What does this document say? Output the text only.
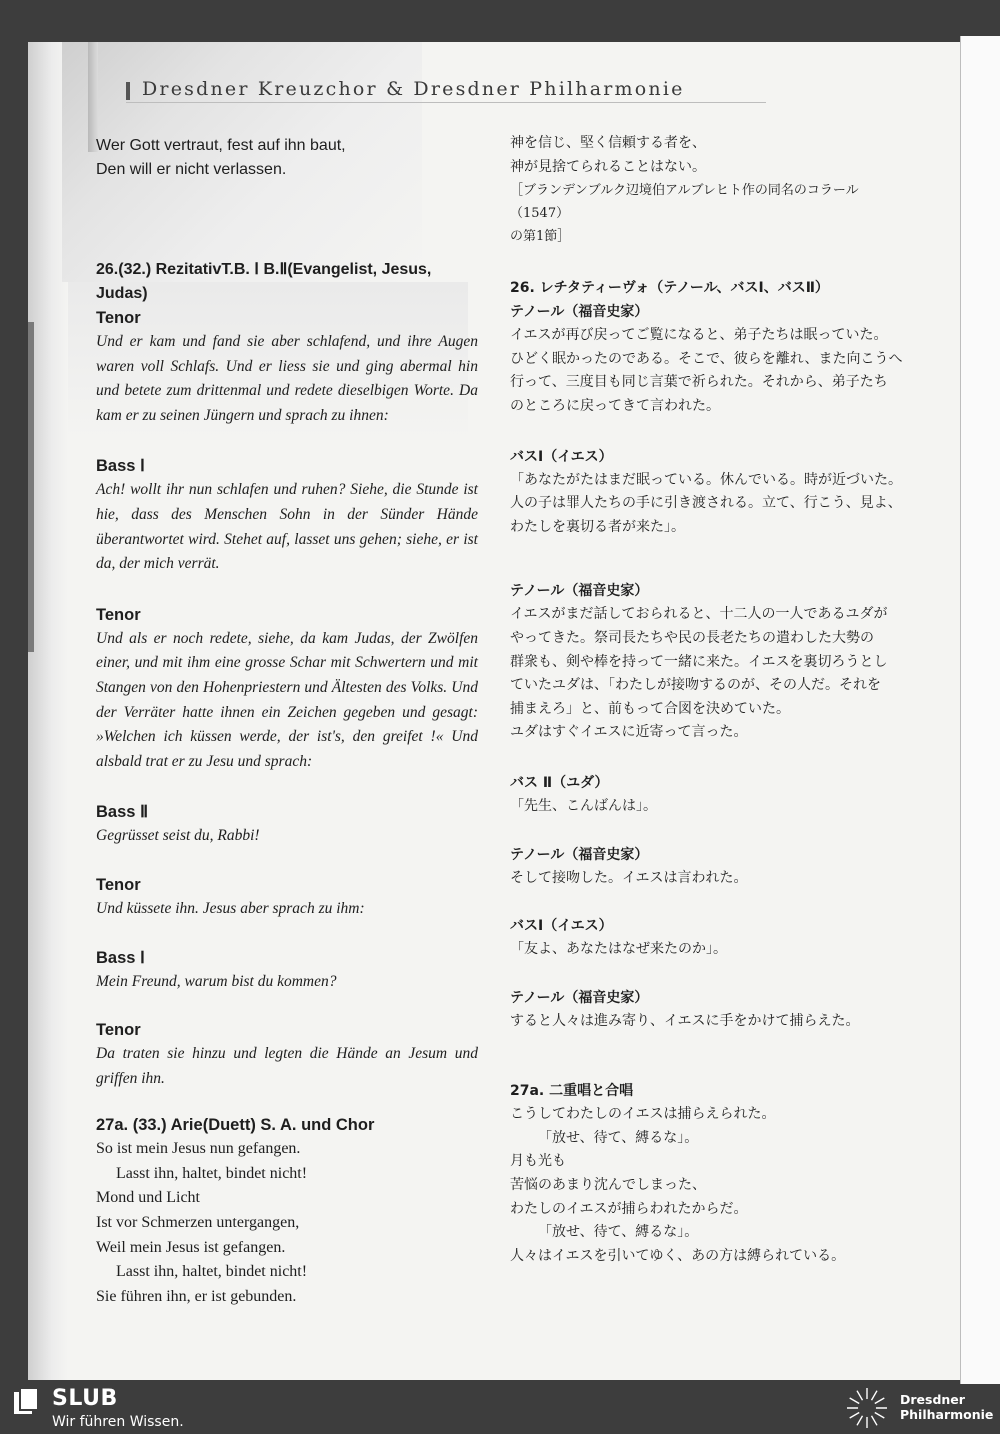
Dresdner Kreuzchor & Dresdner Philharmonie
Wer Gott vertraut, fest auf ihn baut,
Den will er nicht verlassen.
26.(32.) RezitativT.B. Ⅰ B.Ⅱ(Evangelist, Jesus, Judas)
Tenor

Und er kam und fand sie aber schlafend, und ihre Augen waren voll Schlafs. Und er liess sie und ging abermal hin und betete zum drittenmal und redete dieselbigen Worte. Da kam er zu seinen Jüngern und sprach zu ihnen:

Bass Ⅰ

Ach! wollt ihr nun schlafen und ruhen? Siehe, die Stunde ist hie, dass des Menschen Sohn in der Sünder Hände überantwortet wird. Stehet auf, lasset uns gehen; siehe, er ist da, der mich verrät.

Tenor

Und als er noch redete, siehe, da kam Judas, der Zwölfen einer, und mit ihm eine grosse Schar mit Schwertern und mit Stangen von den Hohenpriestern und Ältesten des Volks. Und der Verräter hatte ihnen ein Zeichen gegeben und gesagt: »Welchen ich küssen werde, der ist's, den greifet !« Und alsbald trat er zu Jesu und sprach:

Bass Ⅱ

Gegrüsset seist du, Rabbi!

Tenor

Und küssete ihn. Jesus aber sprach zu ihm:

Bass Ⅰ

Mein Freund, warum bist du kommen?

Tenor

Da traten sie hinzu und legten die Hände an Jesum und griffen ihn.

27a. (33.) Arie(Duett) S. A. und Chor
So ist mein Jesus nun gefangen.
Lasst ihn, haltet, bindet nicht!
Mond und Licht
Ist vor Schmerzen untergangen,
Weil mein Jesus ist gefangen.
Lasst ihn, haltet, bindet nicht!
Sie führen ihn, er ist gebunden.
神を信じ、堅く信頼する者を、
神が見捨てられることはない。
［ブランデンブルク辺境伯アルブレヒト作の同名のコラール（1547）
の第1節］
26. レチタティーヴォ（テノール、バスⅠ、バスⅡ）
テノール（福音史家）
イエスが再び戻ってご覧になると、弟子たちは眠っていた。
ひどく眠かったのである。そこで、彼らを離れ、また向こうへ
行って、三度目も同じ言葉で祈られた。それから、弟子たち
のところに戻ってきて言われた。
バスⅠ（イエス）
「あなたがたはまだ眠っている。休んでいる。時が近づいた。
人の子は罪人たちの手に引き渡される。立て、行こう、見よ、
わたしを裏切る者が来た」。
テノール（福音史家）
イエスがまだ話しておられると、十二人の一人であるユダが
やってきた。祭司長たちや民の長老たちの遣わした大勢の
群衆も、剣や棒を持って一緒に来た。イエスを裏切ろうとし
ていたユダは、「わたしが接吻するのが、その人だ。それを
捕まえろ」と、前もって合図を決めていた。
ユダはすぐイエスに近寄って言った。
バス Ⅱ（ユダ）
「先生、こんばんは」。
テノール（福音史家）
そして接吻した。イエスは言われた。
バスⅠ（イエス）
「友よ、あなたはなぜ来たのか」。
テノール（福音史家）
すると人々は進み寄り、イエスに手をかけて捕らえた。
27a. 二重唱と合唱
こうしてわたしのイエスは捕らえられた。
「放せ、待て、縛るな」。
月も光も
苦悩のあまり沈んでしまった、
わたしのイエスが捕らわれたからだ。
「放せ、待て、縛るな」。
人々はイエスを引いてゆく、あの方は縛られている。
SLUB
Wir führen Wissen.
Dresdner
Philharmonie
